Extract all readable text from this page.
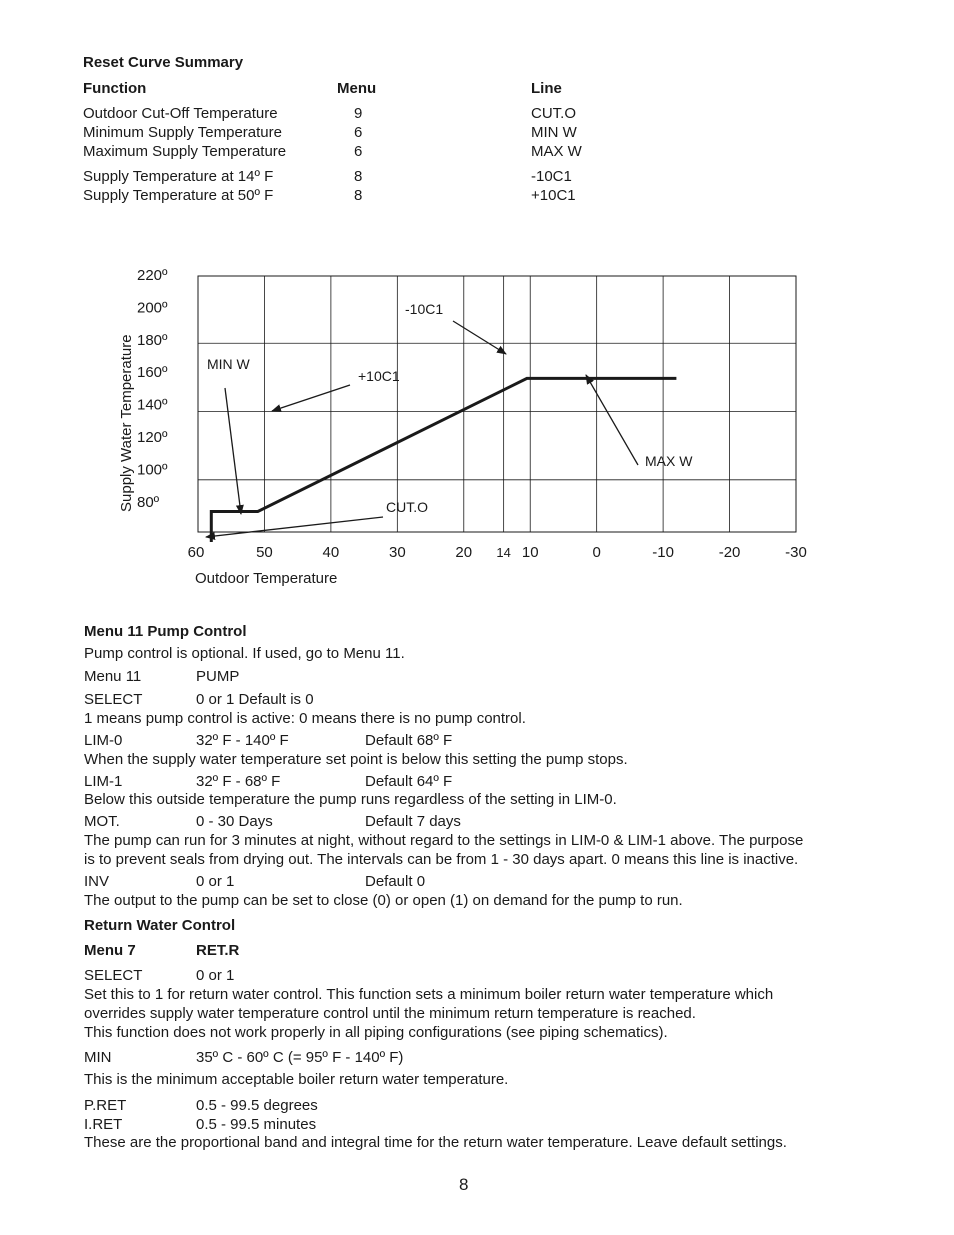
Reset Curve Summary
Function	Menu	Line
Outdoor Cut-Off Temperature	9	CUT.O
Minimum Supply Temperature	6	MIN W
Maximum Supply Temperature	6	MAX W
Supply Temperature at 14º F	8	-10C1
Supply Temperature at 50º F	8	+10C1
60	50	40	30	20 14 10	0	-10	-20	-30
220º
200º
180º
160º
140º
120º
100º
80º
Outdoor Temperature
Supply Water Temperature	MIN W
+10C1
-10C1
MAX W
CUT.O
Menu 11 Pump Control
Pump control is optional. If used, go to Menu 11.
Menu 11	PUMP
SELECT	0 or 1 Default is 0
1 means pump control is active: 0 means there is no pump control.
LIM-0	32º F - 140º F	Default 68º F
When the supply water temperature set point is below this setting the pump stops.
LIM-1	32º F - 68º F	Default 64º F
Below this outside temperature the pump runs regardless of the setting in LIM-0.
MOT.	0 - 30 Days	Default 7 days
The pump can run for 3 minutes at night, without regard to the settings in LIM-0 & LIM-1 above. The purpose
is to prevent seals from drying out. The intervals can be from 1 - 30 days apart. 0 means this line is inactive.
INV	0 or 1	Default 0
The output to the pump can be set to close (0) or open (1) on demand for the pump to run.
Return Water Control
Menu 7	RET.R
SELECT	0 or 1
Set this to 1 for return water control. This function sets a minimum boiler return water temperature which
overrides supply water temperature control until the minimum return temperature is reached.
This function does not work properly in all piping configurations (see piping schematics).
MIN	35º C - 60º C (= 95º F - 140º F)
This is the minimum acceptable boiler return water temperature.
P.RET	0.5 - 99.5 degrees
I.RET	0.5 - 99.5 minutes
These are the proportional band and integral time for the return water temperature. Leave default settings.
8
